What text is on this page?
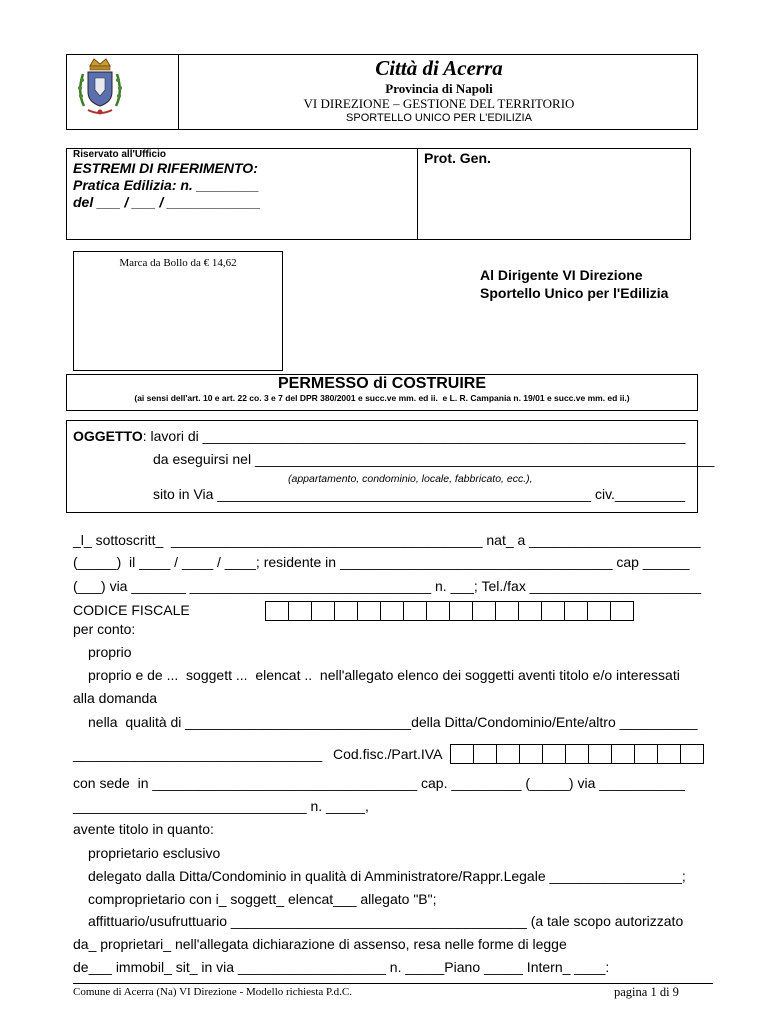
Città di Acerra
Provincia di Napoli
VI DIREZIONE – GESTIONE DEL TERRITORIO
SPORTELLO UNICO PER L'EDILIZIA
Riservato all'Ufficio
ESTREMI DI RIFERIMENTO:
Pratica Edilizia: n. ________
del ___ / ___ / ____________
Prot. Gen.
Marca da Bollo da € 14,62
Al Dirigente VI Direzione
Sportello Unico per l'Edilizia
PERMESSO di COSTRUIRE
(ai sensi dell'art. 10 e art. 22 co. 3 e 7 del DPR 380/2001 e succ.ve mm. ed ii.  e L. R. Campania n. 19/01 e succ.ve mm. ed ii.)
OGGETTO: lavori di ______________________________________________________________
da eseguirsi nel ___________________________________________________________
(appartamento, condominio, locale, fabbricato, ecc.),
sito in Via ________________________________________________ civ._________
_l_ sottoscritt_  ________________________________________ nat_ a ______________________
(_____)  il ____ / ____ / ____; residente in ___________________________________ cap ______
(___) via _______ _______________________________ n. ___; Tel./fax ______________________
CODICE FISCALE
per conto:
proprio
proprio e de ...  soggett ...  elencat ..  nell'allegato elenco dei soggetti aventi titolo e/o interessati
alla domanda
nella  qualità di _____________________________della Ditta/Condominio/Ente/altro __________
________________________________ Cod.fisc./Part.IVA
con sede  in __________________________________ cap. _________ (_____) via ___________
______________________________ n. _____,
avente titolo in quanto:
proprietario esclusivo
delegato dalla Ditta/Condominio in qualità di Amministratore/Rappr.Legale _________________;
comproprietario con i_ soggett_ elencat___ allegato "B";
affittuario/usufruttuario ______________________________________ (a tale scopo autorizzato
da_ proprietari_ nell'allegata dichiarazione di assenso, resa nelle forme di legge
de___ immobil_ sit_ in via ___________________ n. _____Piano _____ Intern_ ____:
Comune di Acerra (Na) VI Direzione - Modello richiesta P.d.C.	pagina 1 di 9
